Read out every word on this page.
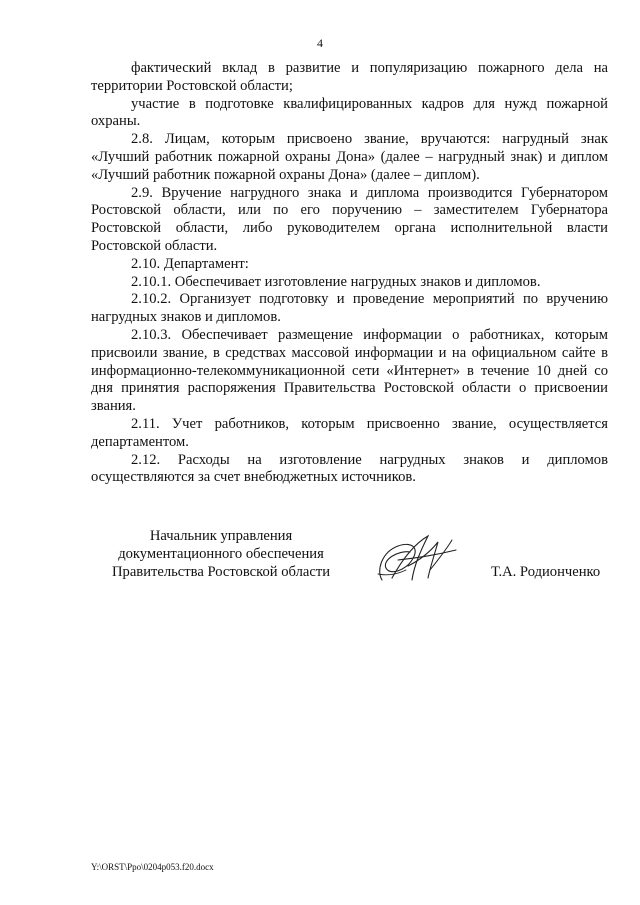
4

фактический вклад в развитие и популяризацию пожарного дела на территории Ростовской области;

участие в подготовке квалифицированных кадров для нужд пожарной охраны.

2.8. Лицам, которым присвоено звание, вручаются: нагрудный знак «Лучший работник пожарной охраны Дона» (далее – нагрудный знак) и диплом «Лучший работник пожарной охраны Дона» (далее – диплом).

2.9. Вручение нагрудного знака и диплома производится Губернатором Ростовской области, или по его поручению – заместителем Губернатора Ростовской области, либо руководителем органа исполнительной власти Ростовской области.

2.10. Департамент:

2.10.1. Обеспечивает изготовление нагрудных знаков и дипломов.

2.10.2. Организует подготовку и проведение мероприятий по вручению нагрудных знаков и дипломов.

2.10.3. Обеспечивает размещение информации о работниках, которым присвоили звание, в средствах массовой информации и на официальном сайте в информационно-телекоммуникационной сети «Интернет» в течение 10 дней со дня принятия распоряжения Правительства Ростовской области о присвоении звания.

2.11. Учет работников, которым присвоенно звание, осуществляется департаментом.

2.12. Расходы на изготовление нагрудных знаков и дипломов осуществляются за счет внебюджетных источников.

Начальник управления
документационного обеспечения
Правительства Ростовской области	Т.А. Родионченко
Y:\ORST\Ppo\0204p053.f20.docx
